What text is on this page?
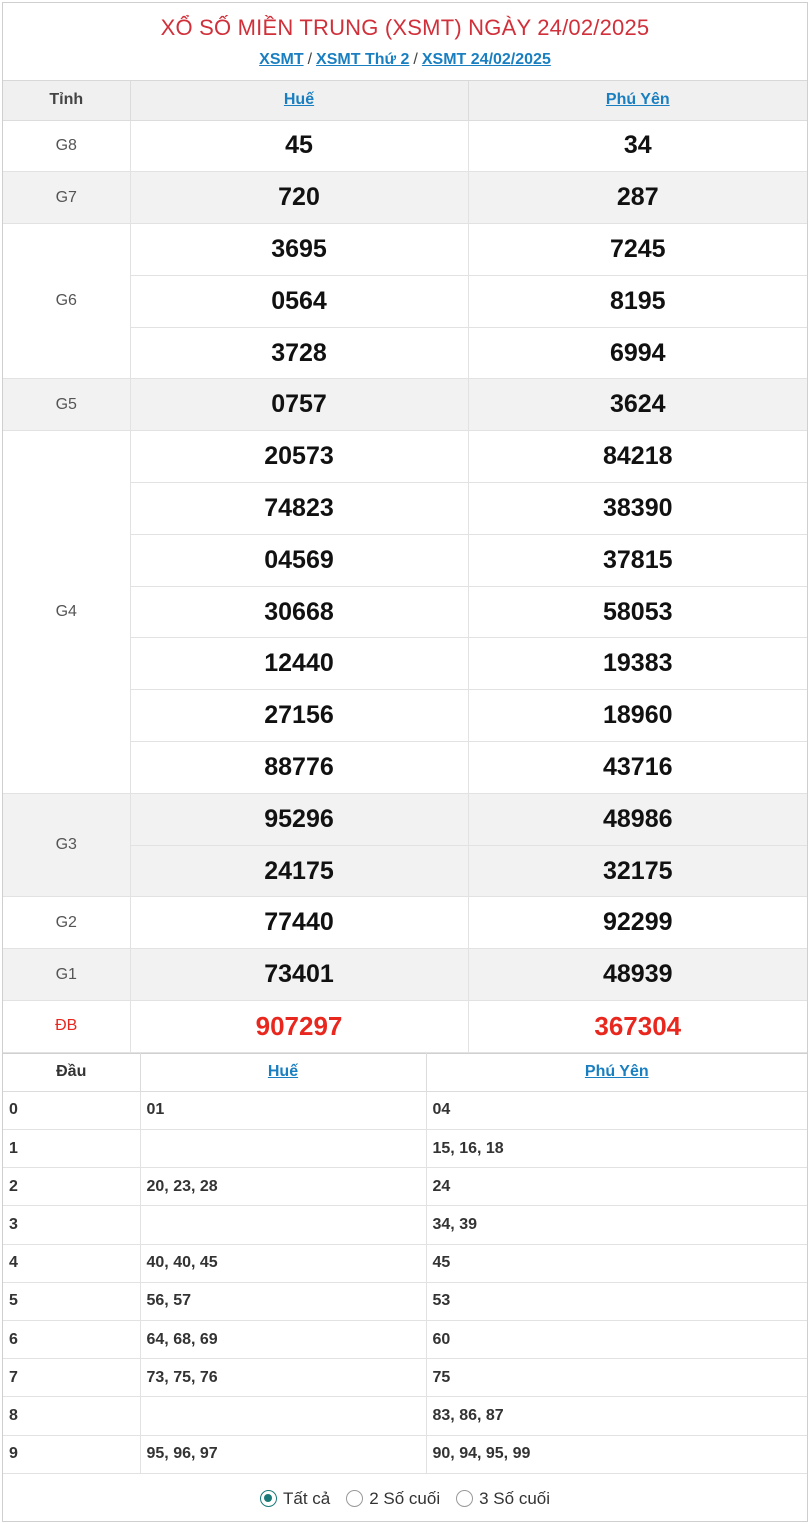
XỔ SỐ MIỀN TRUNG (XSMT) NGÀY 24/02/2025
XSMT / XSMT Thứ 2 / XSMT 24/02/2025
Tỉnh	Huế	Phú Yên
G8	45	34
G7	720	287
G6	3695	7245
	0564	8195
	3728	6994
G5	0757	3624
G4	20573	84218
	74823	38390
	04569	37815
	30668	58053
	12440	19383
	27156	18960
	88776	43716
G3	95296	48986
	24175	32175
G2	77440	92299
G1	73401	48939
ĐB	907297	367304
Đầu	Huế	Phú Yên
0	01	04
1		15, 16, 18
2	20, 23, 28	24
3		34, 39
4	40, 40, 45	45
5	56, 57	53
6	64, 68, 69	60
7	73, 75, 76	75
8		83, 86, 87
9	95, 96, 97	90, 94, 95, 99
Tất cả 2 Số cuối 3 Số cuối
